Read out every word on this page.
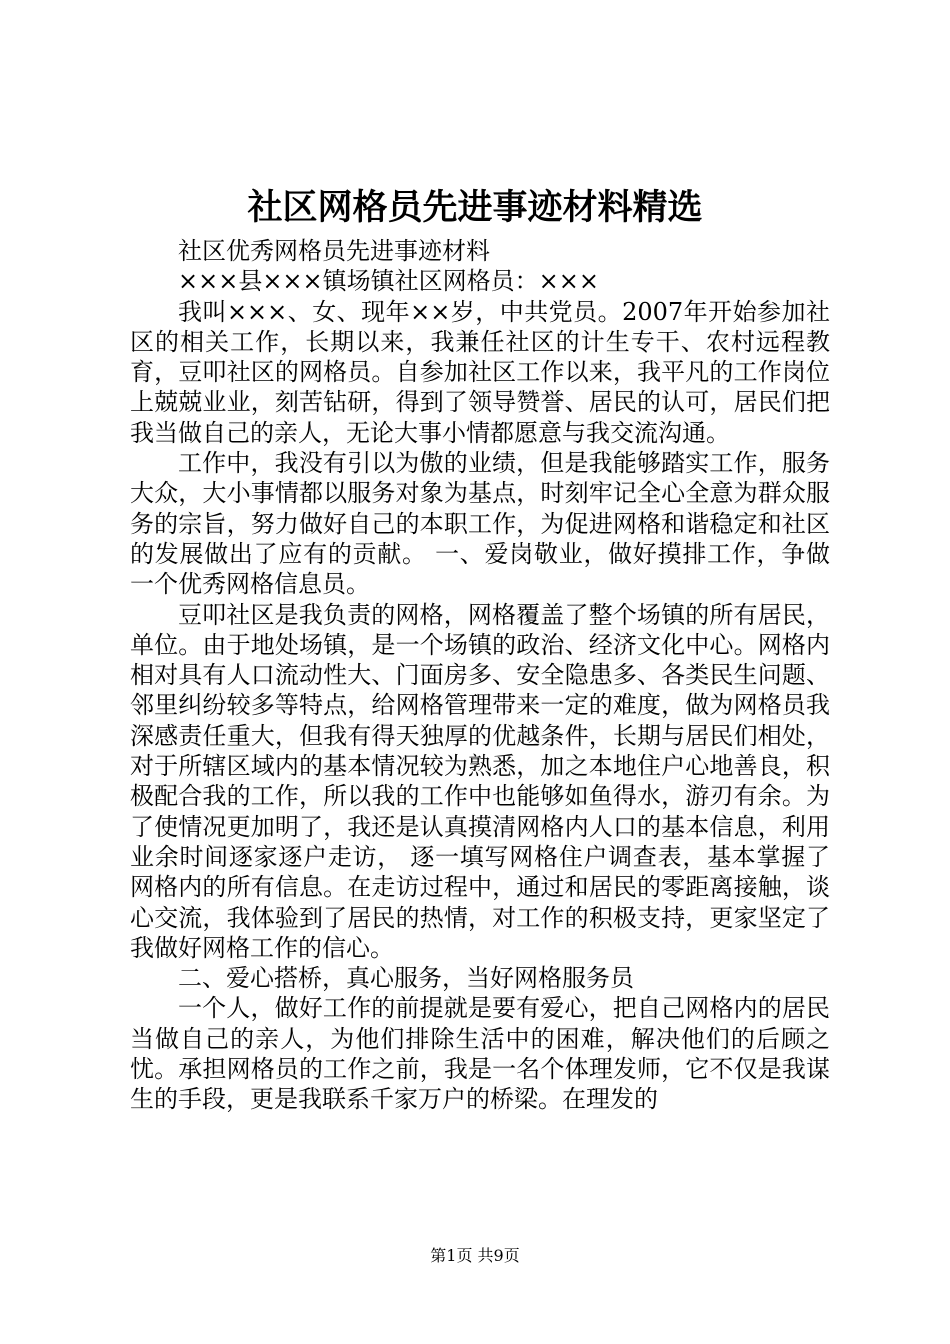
社区网格员先进事迹材料精选

社区优秀网格员先进事迹材料

×××县×××镇场镇社区网格员：×××

我叫×××、女、现年××岁，中共党员。2007年开始参加社区的相关工作，长期以来，我兼任社区的计生专干、农村远程教育，豆叩社区的网格员。自参加社区工作以来，我平凡的工作岗位上兢兢业业，刻苦钻研，得到了领导赞誉、居民的认可，居民们把我当做自己的亲人，无论大事小情都愿意与我交流沟通。

工作中，我没有引以为傲的业绩，但是我能够踏实工作，服务大众，大小事情都以服务对象为基点，时刻牢记全心全意为群众服务的宗旨，努力做好自己的本职工作，为促进网格和谐稳定和社区的发展做出了应有的贡献。 一、爱岗敬业，做好摸排工作，争做一个优秀网格信息员。

豆叩社区是我负责的网格，网格覆盖了整个场镇的所有居民，单位。由于地处场镇，是一个场镇的政治、经济文化中心。网格内相对具有人口流动性大、门面房多、安全隐患多、各类民生问题、邻里纠纷较多等特点，给网格管理带来一定的难度，做为网格员我深感责任重大，但我有得天独厚的优越条件，长期与居民们相处，对于所辖区域内的基本情况较为熟悉，加之本地住户心地善良，积极配合我的工作，所以我的工作中也能够如鱼得水，游刃有余。为了使情况更加明了，我还是认真摸清网格内人口的基本信息，利用业余时间逐家逐户走访， 逐一填写网格住户调查表，基本掌握了网格内的所有信息。在走访过程中，通过和居民的零距离接触，谈心交流，我体验到了居民的热情，对工作的积极支持，更家坚定了我做好网格工作的信心。

二、爱心搭桥，真心服务，当好网格服务员

一个人，做好工作的前提就是要有爱心，把自己网格内的居民当做自己的亲人，为他们排除生活中的困难，解决他们的后顾之忧。承担网格员的工作之前，我是一名个体理发师，它不仅是我谋生的手段，更是我联系千家万户的桥梁。在理发的

第1页 共9页
